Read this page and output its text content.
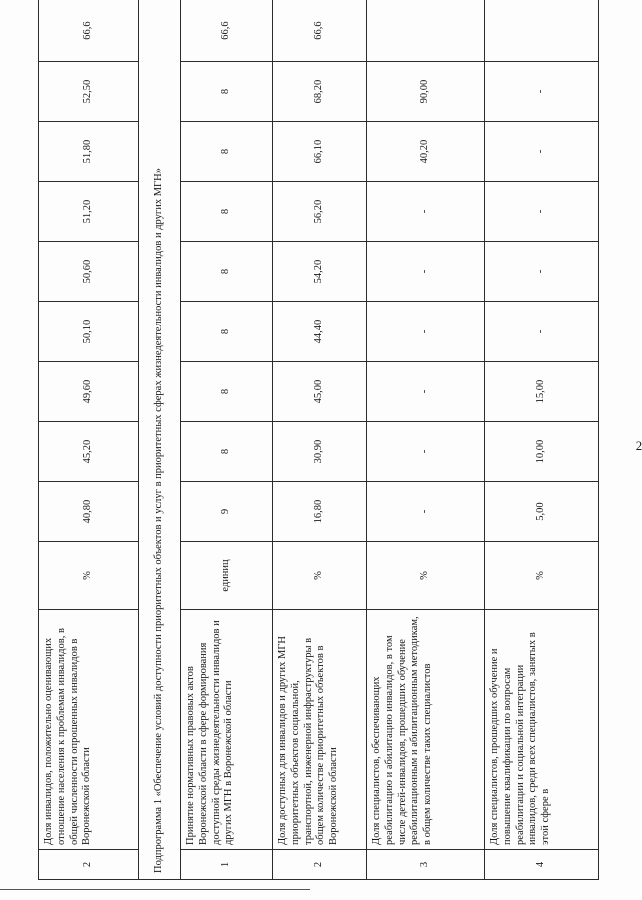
2
2	Доля инвалидов, положительно оценивающих отношение населения к проблемам инвалидов, в общей численности опрошенных инвалидов в Воронежской области	%	40,80	45,20	49,60	50,10	50,60	51,20	51,80	52,50	66,6
Подпрограмма 1 «Обеспечение условий доступности приоритетных объектов и услуг в приоритетных сферах жизнедеятельности инвалидов и других МГН»											
1	Принятие нормативных правовых актов Воронежской области в сфере формирования доступной среды жизнедеятельности инвалидов и других МГН в Воронежской области	единиц	9	8	8	8	8	8	8	8	66,6
2	Доля доступных для инвалидов и других МГН приоритетных объектов социальной, транспортной, инженерной инфраструктуры в общем количестве приоритетных объектов в Воронежской области	%	16,80	30,90	45,00	44,40	54,20	56,20	66,10	68,20	66,6
3	Доля специалистов, обеспечивающих реабилитацию и абилитацию инвалидов, в том числе детей-инвалидов, прошедших обучение реабилитационным и абилитационным методикам, в общем количестве таких специалистов	%	-	-	-	-	-	-	40,20	90,00	
4	Доля специалистов, прошедших обучение и повышение квалификации по вопросам реабилитации и социальной интеграции инвалидов, среди всех специалистов, занятых в этой сфере в	%	5,00	10,00	15,00	-	-	-	-	-	
